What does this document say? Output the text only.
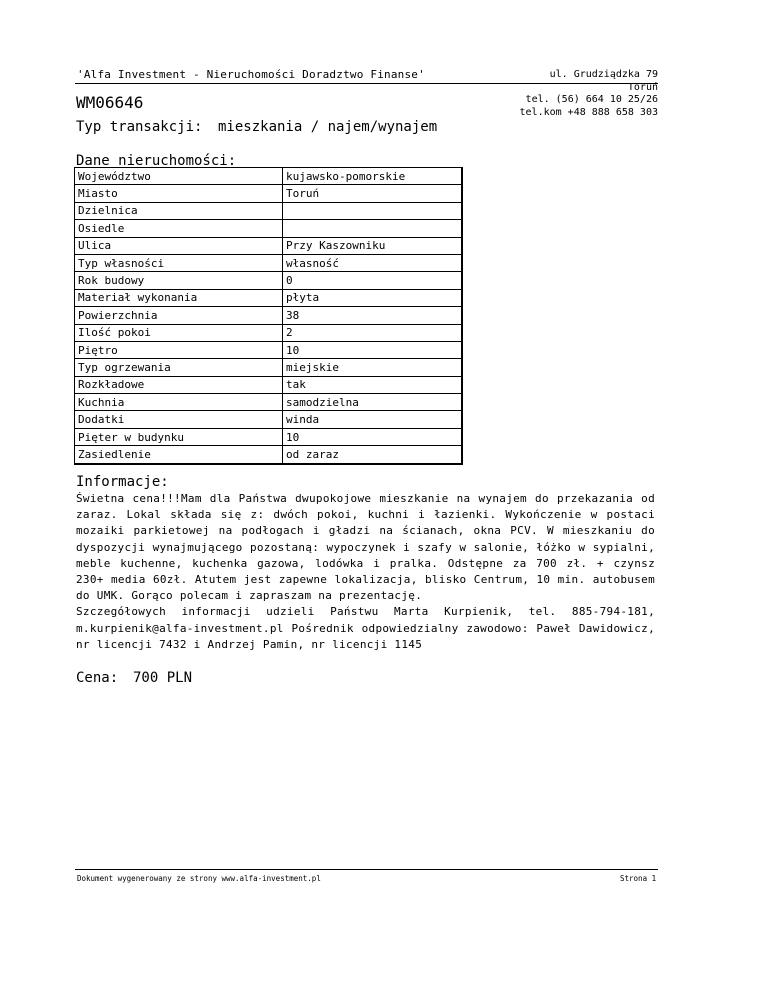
'Alfa Investment - Nieruchomości Doradztwo Finanse'	ul. Grudziądzka 79
Toruń
tel. (56) 664 10 25/26
tel.kom +48 888 658 303
WM06646
Typ transakcji: mieszkania / najem/wynajem
Dane nieruchomości:
Województwo	kujawsko-pomorskie
Miasto	Toruń
Dzielnica	
Osiedle	
Ulica	Przy Kaszowniku
Typ własności	własność
Rok budowy	0
Materiał wykonania	płyta
Powierzchnia	38
Ilość pokoi	2
Piętro	10
Typ ogrzewania	miejskie
Rozkładowe	tak
Kuchnia	samodzielna
Dodatki	winda
Pięter w budynku	10
Zasiedlenie	od zaraz
Informacje:

Świetna cena!!!Mam dla Państwa dwupokojowe mieszkanie na wynajem do przekazania od zaraz. Lokal składa się z: dwóch pokoi, kuchni i łazienki. Wykończenie w postaci mozaiki parkietowej na podłogach i gładzi na ścianach, okna PCV. W mieszkaniu do dyspozycji wynajmującego pozostaną: wypoczynek i szafy w salonie, łóżko w sypialni, meble kuchenne, kuchenka gazowa, lodówka i pralka. Odstępne za 700 zł. + czynsz 230+ media 60zł. Atutem jest zapewne lokalizacja, blisko Centrum, 10 min. autobusem do UMK. Gorąco polecam i zapraszam na prezentację.

Szczegółowych informacji udzieli Państwu Marta Kurpienik, tel. 885-794-181, m.kurpienik@alfa-investment.pl Pośrednik odpowiedzialny zawodowo: Paweł Dawidowicz, nr licencji 7432 i Andrzej Pamin, nr licencji 1145

Cena: 700 PLN
Dokument wygenerowany ze strony www.alfa-investment.pl	Strona 1
